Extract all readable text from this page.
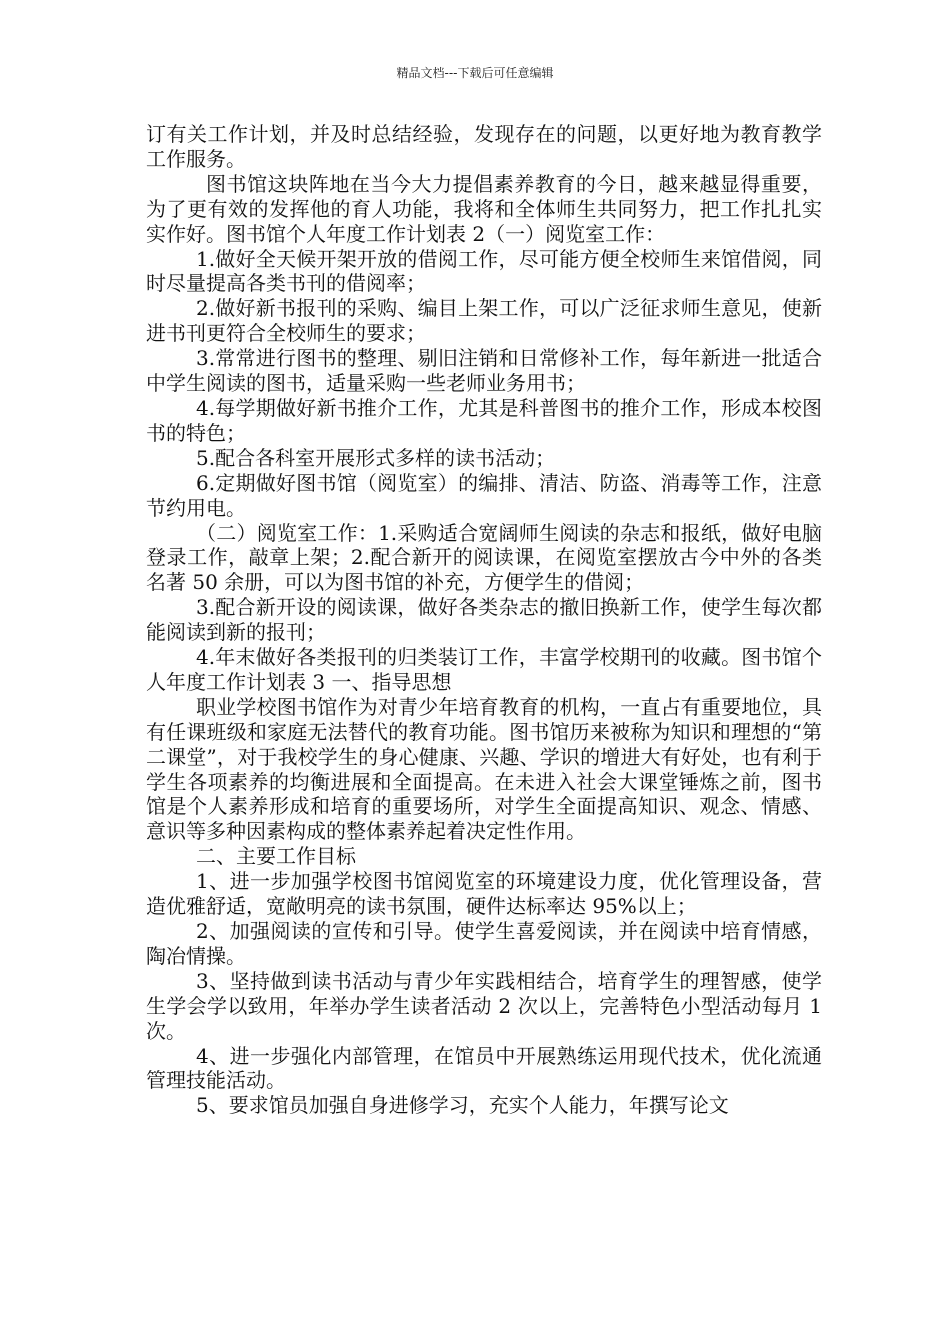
精品文档---下载后可任意编辑

订有关工作计划，并及时总结经验，发现存在的问题，以更好地为教育教学工作服务。

图书馆这块阵地在当今大力提倡素养教育的今日，越来越显得重要，为了更有效的发挥他的育人功能，我将和全体师生共同努力，把工作扎扎实实作好。图书馆个人年度工作计划表 2（一）阅览室工作：

1.做好全天候开架开放的借阅工作，尽可能方便全校师生来馆借阅，同时尽量提高各类书刊的借阅率；

2.做好新书报刊的采购、编目上架工作，可以广泛征求师生意见，使新进书刊更符合全校师生的要求；

3.常常进行图书的整理、剔旧注销和日常修补工作，每年新进一批适合中学生阅读的图书，适量采购一些老师业务用书；

4.每学期做好新书推介工作，尤其是科普图书的推介工作，形成本校图书的特色；

5.配合各科室开展形式多样的读书活动；

6.定期做好图书馆（阅览室）的编排、清洁、防盗、消毒等工作，注意节约用电。

（二）阅览室工作：1.采购适合宽阔师生阅读的杂志和报纸，做好电脑登录工作，敲章上架；2.配合新开的阅读课，在阅览室摆放古今中外的各类名著 50 余册，可以为图书馆的补充，方便学生的借阅；

3.配合新开设的阅读课，做好各类杂志的撤旧换新工作，使学生每次都能阅读到新的报刊；

4.年末做好各类报刊的归类装订工作，丰富学校期刊的收藏。图书馆个人年度工作计划表 3 一、指导思想

职业学校图书馆作为对青少年培育教育的机构，一直占有重要地位，具有任课班级和家庭无法替代的教育功能。图书馆历来被称为知识和理想的“第二课堂”，对于我校学生的身心健康、兴趣、学识的增进大有好处，也有利于学生各项素养的均衡进展和全面提高。在未进入社会大课堂锤炼之前，图书馆是个人素养形成和培育的重要场所，对学生全面提高知识、观念、情感、意识等多种因素构成的整体素养起着决定性作用。

二、主要工作目标

1、进一步加强学校图书馆阅览室的环境建设力度，优化管理设备，营造优雅舒适，宽敞明亮的读书氛围，硬件达标率达 95%以上；

2、加强阅读的宣传和引导。使学生喜爱阅读，并在阅读中培育情感，陶冶情操。

3、坚持做到读书活动与青少年实践相结合，培育学生的理智感，使学生学会学以致用，年举办学生读者活动 2 次以上，完善特色小型活动每月 1 次。

4、进一步强化内部管理，在馆员中开展熟练运用现代技术，优化流通管理技能活动。

5、要求馆员加强自身进修学习，充实个人能力，年撰写论文
